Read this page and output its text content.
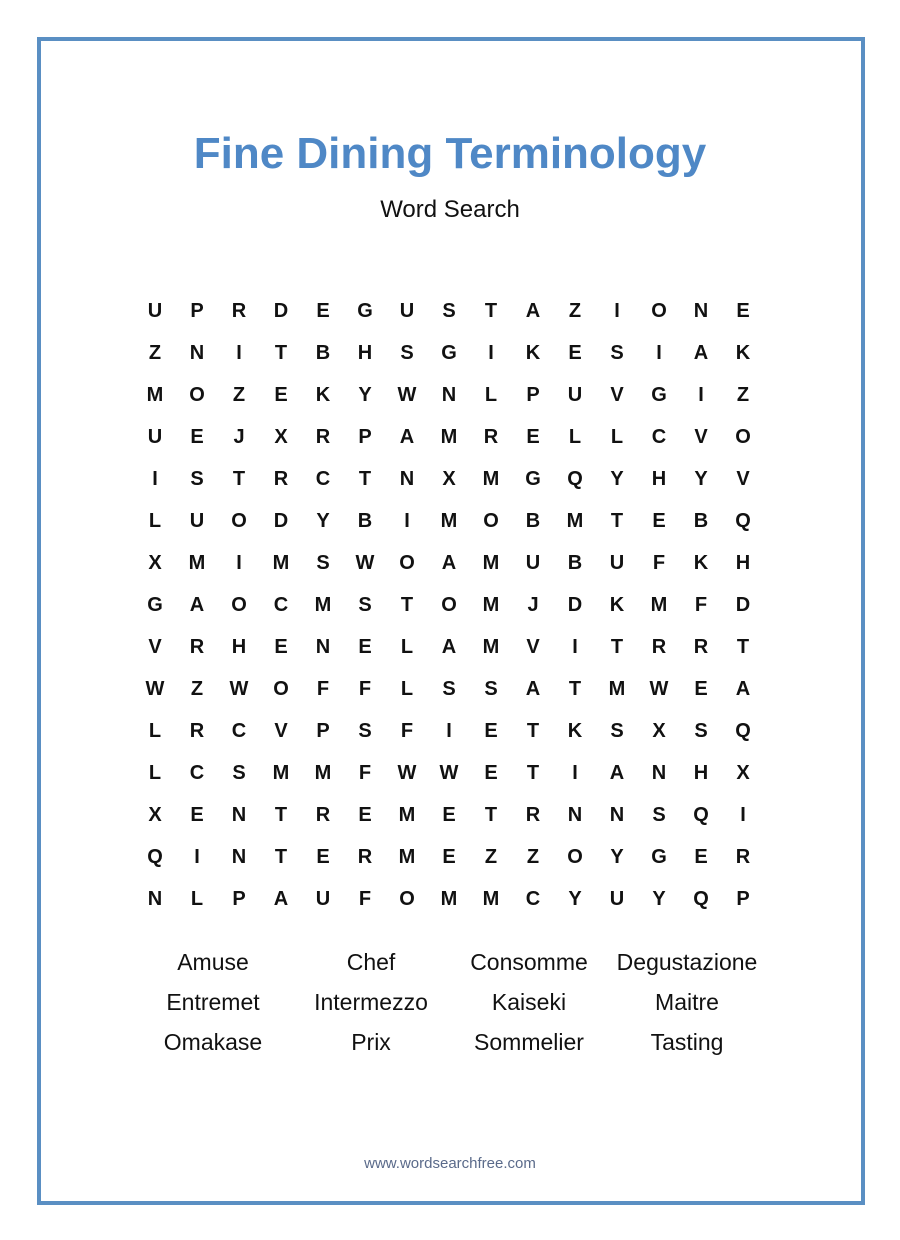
Fine Dining Terminology
Word Search
U	P	R	D	E	G	U	S	T	A	Z	I	O	N	E
Z	N	I	T	B	H	S	G	I	K	E	S	I	A	K
M	O	Z	E	K	Y	W	N	L	P	U	V	G	I	Z
U	E	J	X	R	P	A	M	R	E	L	L	C	V	O
I	S	T	R	C	T	N	X	M	G	Q	Y	H	Y	V
L	U	O	D	Y	B	I	M	O	B	M	T	E	B	Q
X	M	I	M	S	W	O	A	M	U	B	U	F	K	H
G	A	O	C	M	S	T	O	M	J	D	K	M	F	D
V	R	H	E	N	E	L	A	M	V	I	T	R	R	T
W	Z	W	O	F	F	L	S	S	A	T	M	W	E	A
L	R	C	V	P	S	F	I	E	T	K	S	X	S	Q
L	C	S	M	M	F	W	W	E	T	I	A	N	H	X
X	E	N	T	R	E	M	E	T	R	N	N	S	Q	I
Q	I	N	T	E	R	M	E	Z	Z	O	Y	G	E	R
N	L	P	A	U	F	O	M	M	C	Y	U	Y	Q	P
Amuse	Chef	Consomme	Degustazione
Entremet	Intermezzo	Kaiseki	Maitre
Omakase	Prix	Sommelier	Tasting
www.wordsearchfree.com
